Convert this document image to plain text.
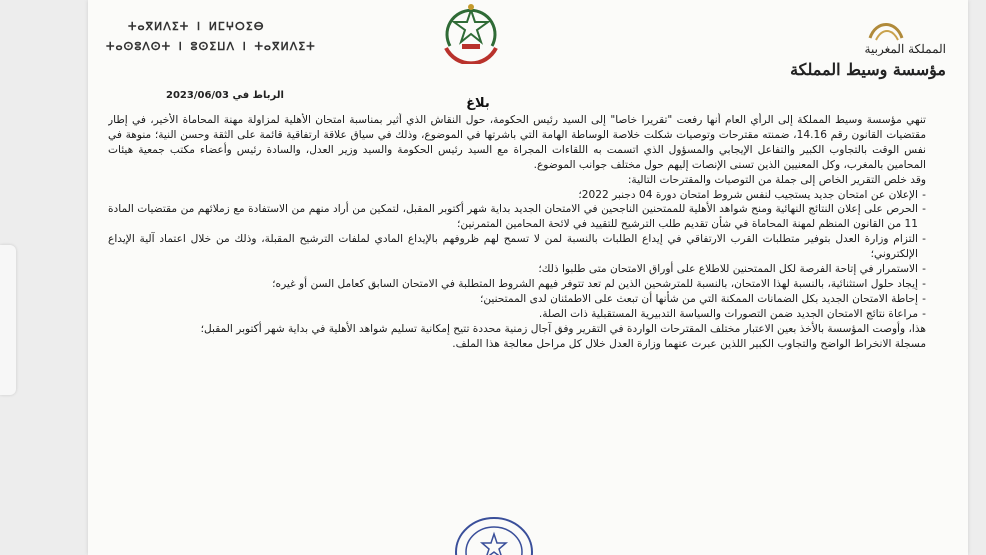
ⵜⴰⴳⵍⴷⵉⵜ ⵏ ⵍⵎⵖⵔⵉⴱ
ⵜⴰⵙⵓⴷⵙⵜ ⵏ ⵓⵙⵉⵡⴷ ⵏ ⵜⴰⴳⵍⴷⵉⵜ	المملكة المغربية
مؤسسة وسيط المملكة
الرباط في 2023/06/03
بلاغ

تنهي مؤسسة وسيط المملكة إلى الرأي العام أنها رفعت "تقريرا خاصا" إلى السيد رئيس الحكومة، حول النقاش الذي أثير بمناسبة امتحان الأهلية لمزاولة مهنة المحاماة الأخير، في إطار مقتضيات القانون رقم 14.16، ضمنته مقترحات وتوصيات شكلت خلاصة الوساطة الهامة التي باشرتها في الموضوع، وذلك في سياق علاقة ارتفاقية قائمة على الثقة وحسن النية؛ منوهة في نفس الوقت بالتجاوب الكبير والتفاعل الإيجابي والمسؤول الذي اتسمت به اللقاءات المجراة مع السيد رئيس الحكومة والسيد وزير العدل، والسادة رئيس وأعضاء مكتب جمعية هيئات المحامين بالمغرب، وكل المعنيين الذين تسنى الإنصات إليهم حول مختلف جوانب الموضوع.

وقد خلص التقرير الخاص إلى جملة من التوصيات والمقترحات التالية:

- الإعلان عن امتحان جديد يستجيب لنفس شروط امتحان دورة 04 دجنبر 2022؛
- الحرص على إعلان النتائج النهائية ومنح شواهد الأهلية للممتحنين الناجحين في الامتحان الجديد بداية شهر أكتوبر المقبل، لتمكين من أراد منهم من الاستفادة مع زملائهم من مقتضيات المادة 11 من القانون المنظم لمهنة المحاماة في شأن تقديم طلب الترشيح للتقييد في لائحة المحامين المتمرنين؛
- التزام وزارة العدل بتوفير متطلبات القرب الارتفاقي في إيداع الطلبات بالنسبة لمن لا تسمح لهم ظروفهم بالإيداع المادي لملفات الترشيح المقبلة، وذلك من خلال اعتماد آلية الإيداع الإلكتروني؛
- الاستمرار في إتاحة الفرصة لكل الممتحنين للاطلاع على أوراق الامتحان متى طلبوا ذلك؛
- إيجاد حلول استثنائية، بالنسبة لهذا الامتحان، بالنسبة للمترشحين الذين لم تعد تتوفر فيهم الشروط المتطلبة في الامتحان السابق كعامل السن أو غيره؛
- إحاطة الامتحان الجديد بكل الضمانات الممكنة التي من شأنها أن تبعث على الاطمئنان لدى الممتحنين؛
- مراعاة نتائج الامتحان الجديد ضمن التصورات والسياسة التدبيرية المستقبلية ذات الصلة.

هذا، وأوصت المؤسسة بالأخذ بعين الاعتبار مختلف المقترحات الواردة في التقرير وفق آجال زمنية محددة تتيح إمكانية تسليم شواهد الأهلية في بداية شهر أكتوبر المقبل؛

مسجلة الانخراط الواضح والتجاوب الكبير اللذين عبرت عنهما وزارة العدل خلال كل مراحل معالجة هذا الملف.
